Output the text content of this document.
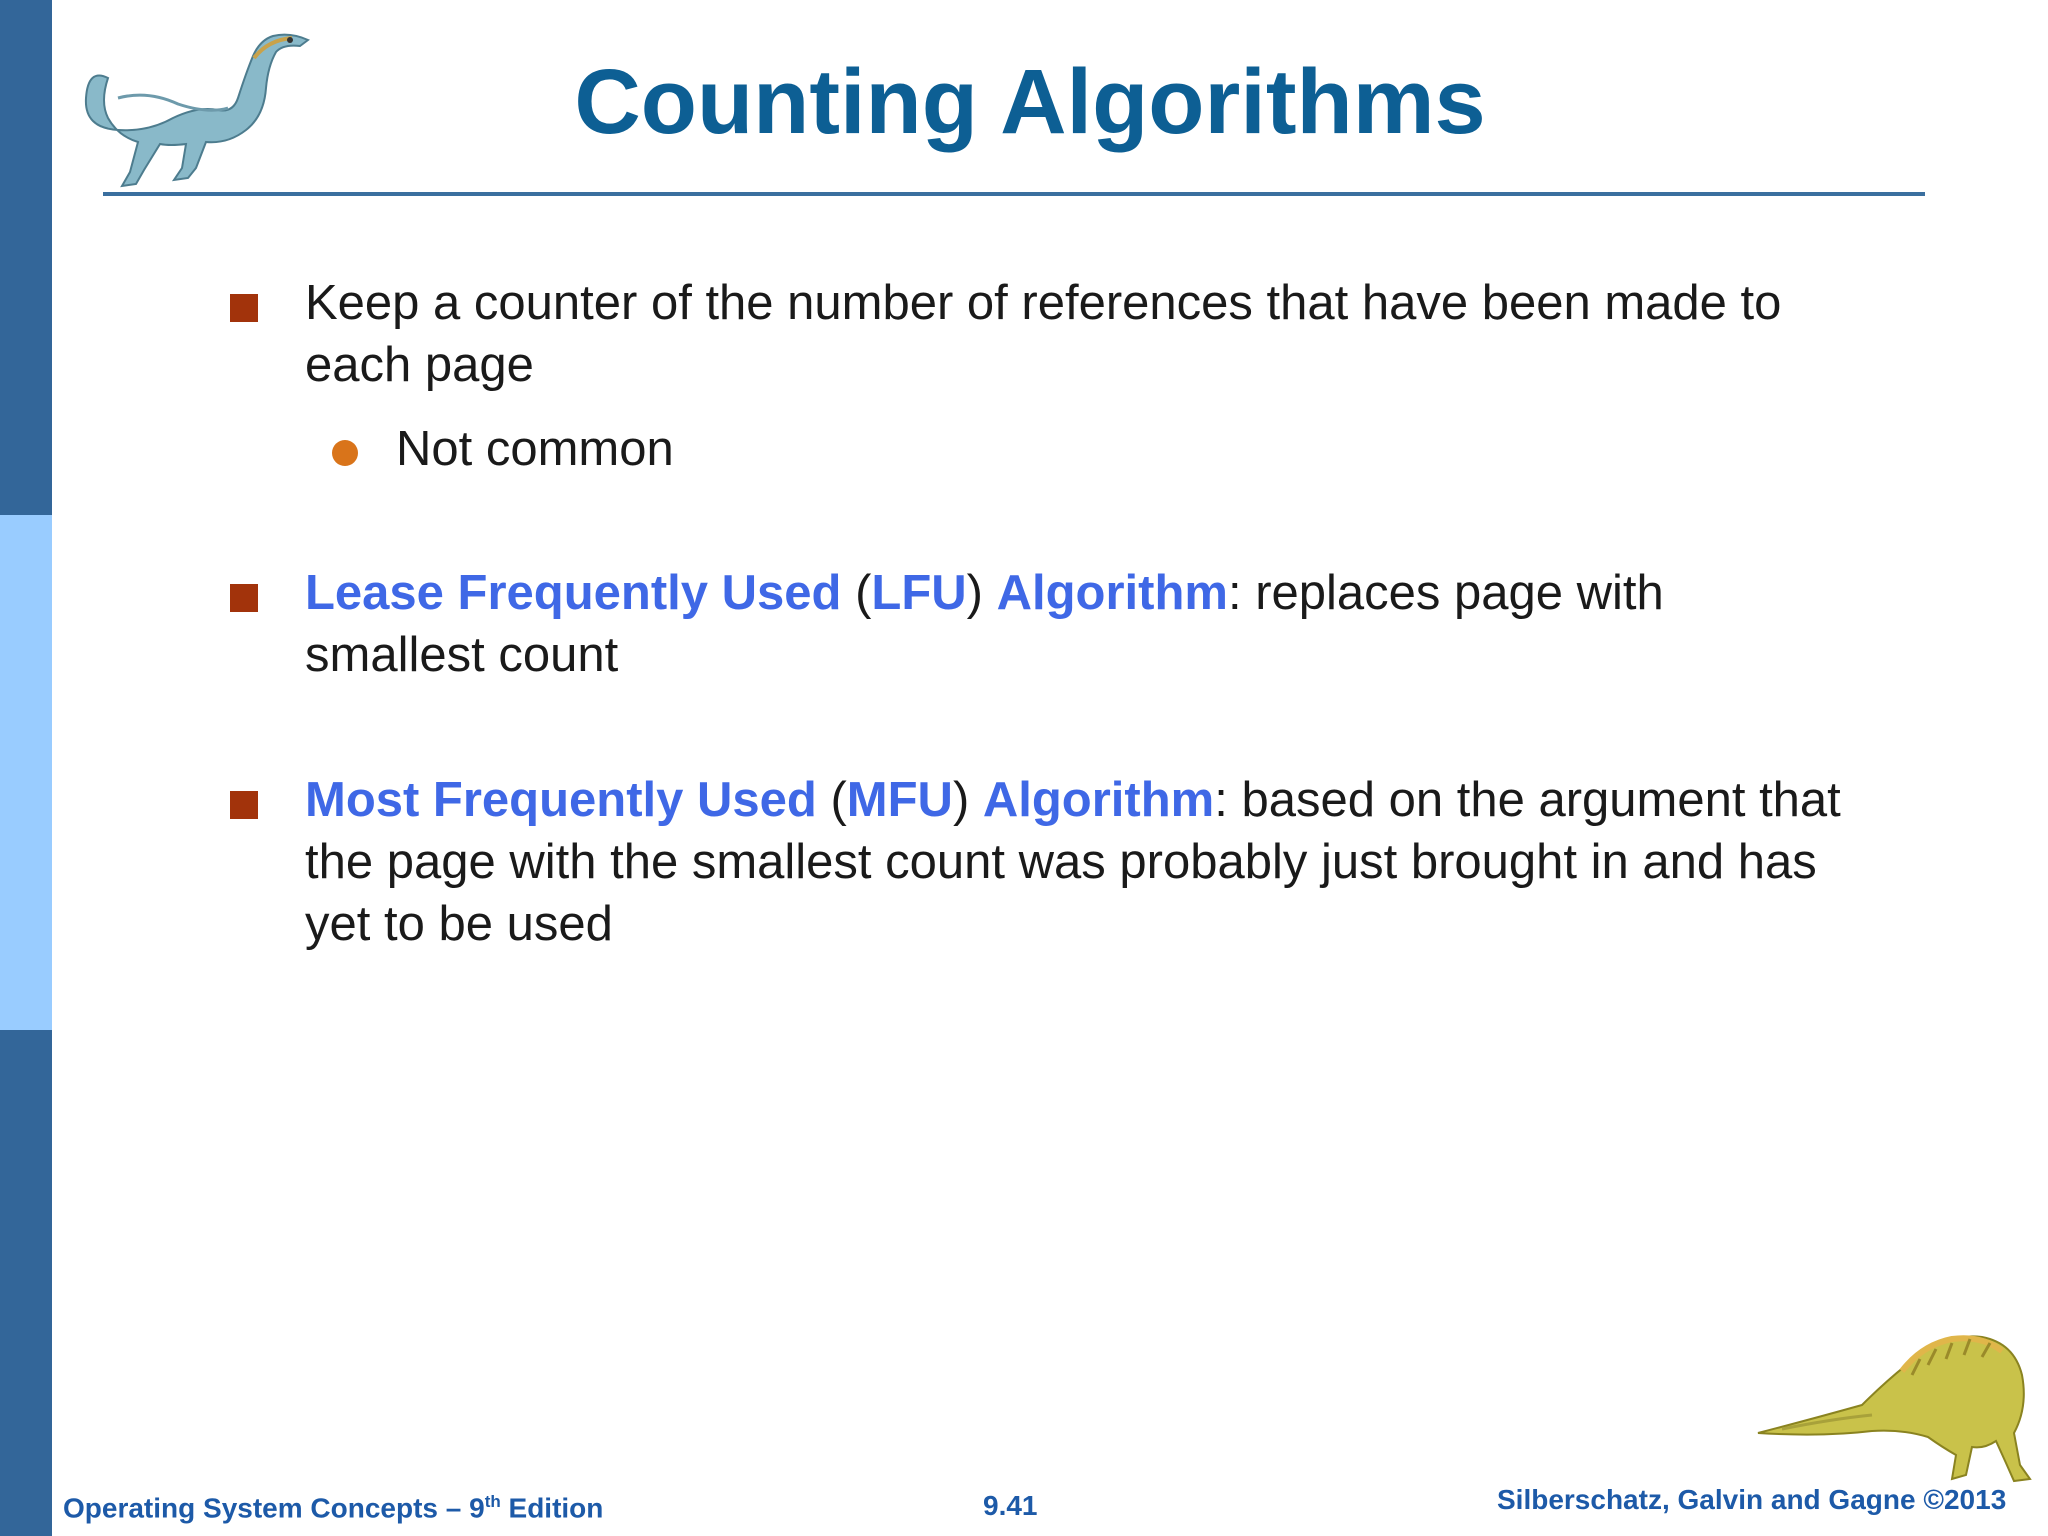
Counting Algorithms
Keep a counter of the number of references that have been made to each page
Not common
Lease Frequently Used (LFU) Algorithm: replaces page with smallest count
Most Frequently Used (MFU) Algorithm: based on the argument that the page with the smallest count was probably just brought in and has yet to be used
Operating System Concepts – 9th Edition	9.41	Silberschatz, Galvin and Gagne ©2013
